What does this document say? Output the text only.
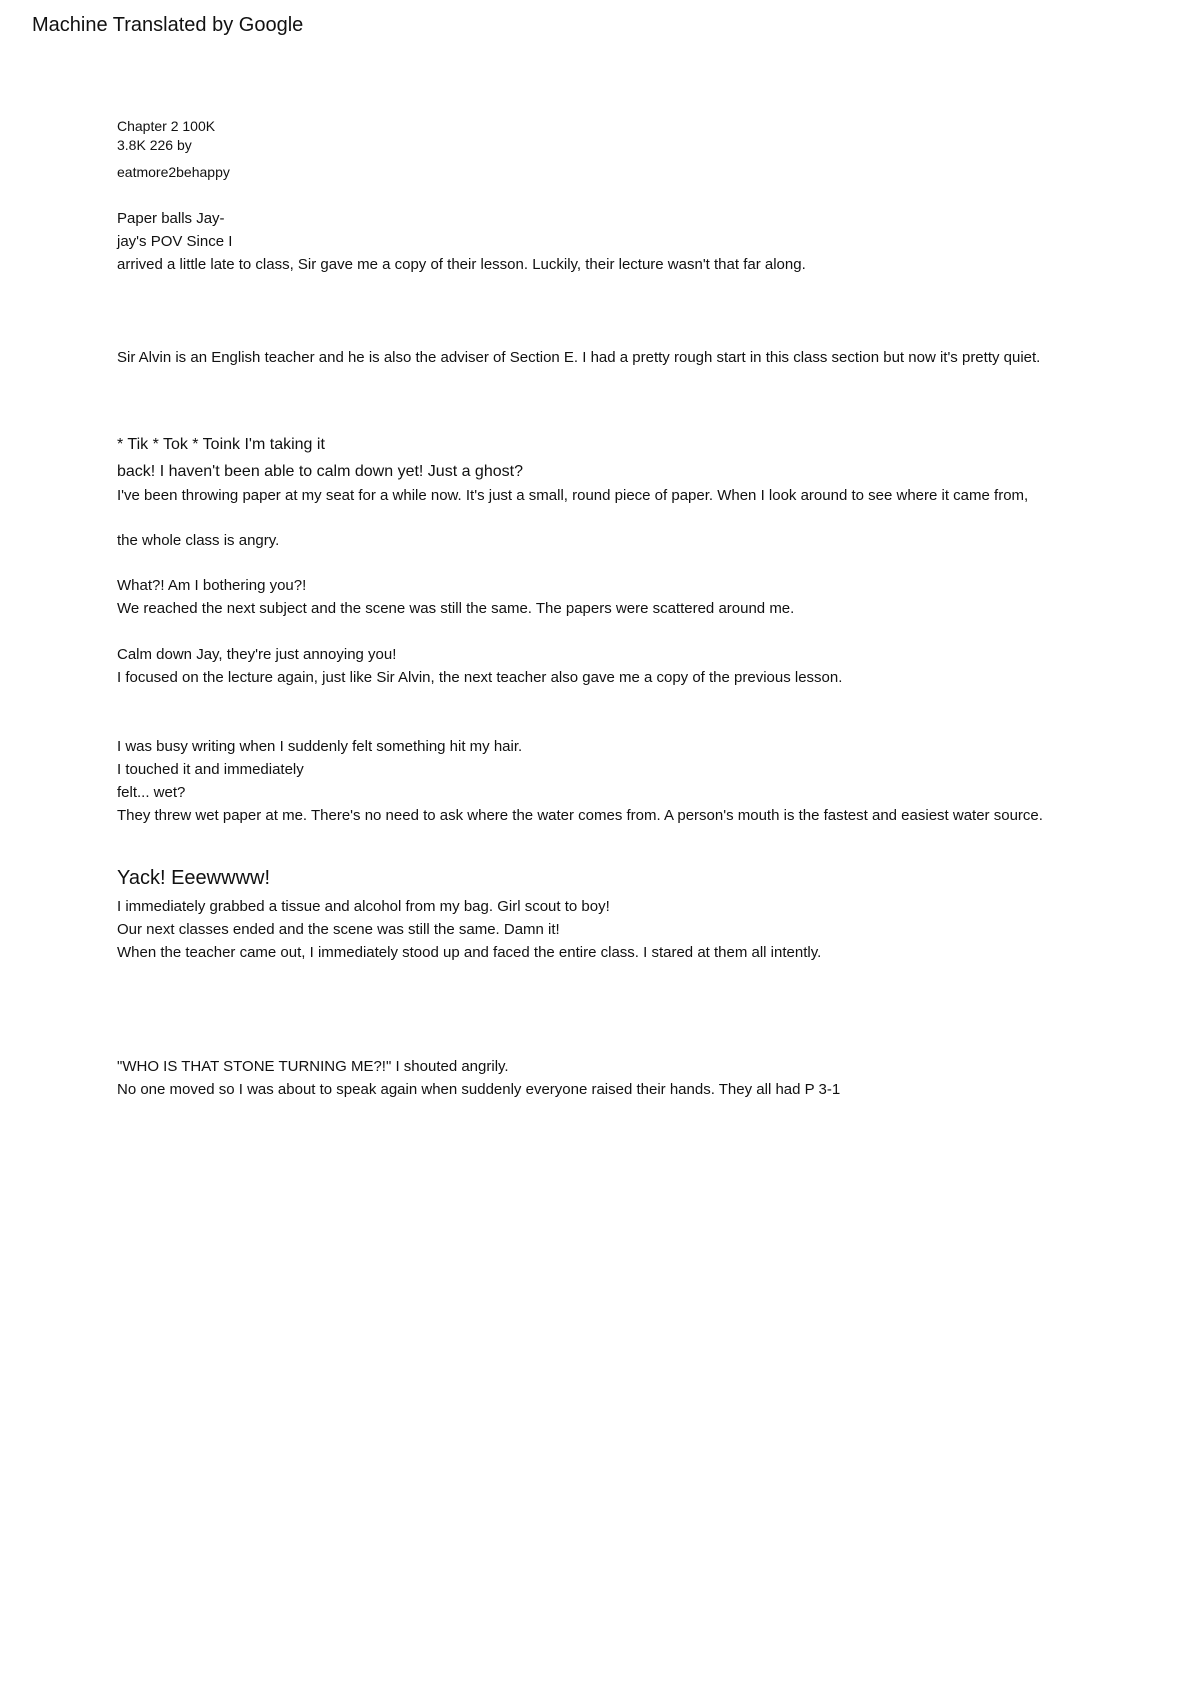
Machine Translated by Google
Chapter 2 100K
3.8K 226 by
eatmore2behappy
Paper balls Jay-
jay's POV Since I
arrived a little late to class, Sir gave me a copy of their lesson. Luckily, their lecture wasn't that far along.
Sir Alvin is an English teacher and he is also the adviser of Section E. I had a pretty rough start in this class section but now it's pretty quiet.
* Tik * Tok * Toink I'm taking it
back! I haven't been able to calm down yet! Just a ghost?
I've been throwing paper at my seat for a while now. It's just a small, round piece of paper. When I look around to see where it came from,
the whole class is angry.
What?! Am I bothering you?!
We reached the next subject and the scene was still the same. The papers were scattered around me.
Calm down Jay, they're just annoying you!
I focused on the lecture again, just like Sir Alvin, the next teacher also gave me a copy of the previous lesson.
I was busy writing when I suddenly felt something hit my hair.
I touched it and immediately
felt... wet?
They threw wet paper at me. There's no need to ask where the water comes from. A person's mouth is the fastest and easiest water source.
Yack! Eeewwww!
I immediately grabbed a tissue and alcohol from my bag. Girl scout to boy!
Our next classes ended and the scene was still the same. Damn it!
When the teacher came out, I immediately stood up and faced the entire class. I stared at them all intently.
"WHO IS THAT STONE TURNING ME?!" I shouted angrily.
No one moved so I was about to speak again when suddenly everyone raised their hands. They all had P 3-1
